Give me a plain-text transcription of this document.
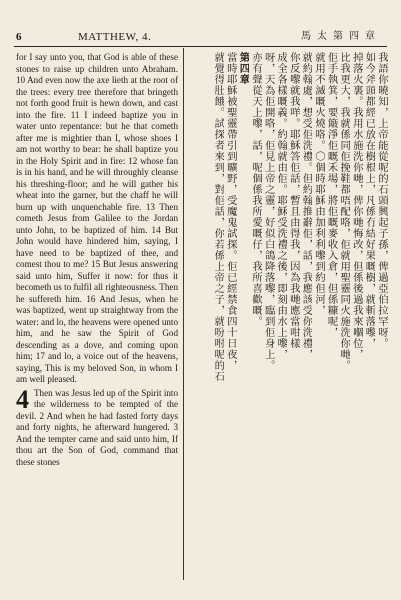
6	MATTHEW, 4.	馬太第四章

for I say unto you, that God is able of these stones to raise up children unto Abraham. 10 And even now the axe lieth at the root of the trees: every tree therefore that bringeth not forth good fruit is hewn down, and cast into the fire. 11 I indeed baptize you in water unto repentance: but he that cometh after me is mightier than I, whose shoes I am not worthy to bear: he shall baptize you in the Holy Spirit and in fire: 12 whose fan is in his hand, and he will throughly cleanse his threshing-floor; and he will gather his wheat into the garner, but the chaff he will burn up with unquenchable fire. 13 Then cometh Jesus from Galilee to the Jordan unto John, to be baptized of him. 14 But John would have hindered him, saying, I have need to be baptized of thee, and comest thou to me? 15 But Jesus answering said unto him, Suffer it now: for thus it becometh us to fulfil all righteousness. Then he suffereth him. 16 And Jesus, when he was baptized, went up straightway from the water: and lo, the heavens were opened unto him, and he saw the Spirit of God descending as a dove, and coming upon him; 17 and lo, a voice out of the heavens, saying, This is my beloved Son, in whom I am well pleased.

4 Then was Jesus led up of the Spirit into the wilderness to be tempted of the devil. 2 And when he had fasted forty days and forty nights, he afterward hungered. 3 And the tempter came and said unto him, If thou art the Son of God, command that these stones
我語你曉知，上帝能從呢的石頭興起子孫，俾過亞伯拉罕呀。
如今斧頭都經已放在樹根上，凡係冇結好果嘅樹，就斬落嚟，
掉落火裏。我用水施洗你哋，俾你哋悔改，但係後過我來嗰位，
比我更大，我就係同佢挽鞋都唔配咯，佢就用聖靈同火施洗你哋。
佢手執箕，要簸淨佢嘅禾場，將佢嘅麥收入倉，但係糠呢，
就用不滅嘅火燒咯。〇個時耶穌由加利利嚟到約但河，
就約翰處，想受佢洗禮。但約翰推辭佢，話，我應該受你洗禮，
你反嚟就我咩。耶穌答佢話，暫且由得我，因為我哋應當咁樣
成全各樣嘅義。約翰就由佢。耶穌受洗禮之後，即刻由水上嚟，
呀，天為佢開咯，佢見上帝之靈，好似白鴿降落嚟，臨到佢身上。
亦有聲從天上嚟，話，呢個係我所愛嘅仔，我所喜歡嘅。
第四章
當時耶穌被聖靈帶引到曠野，受魔鬼試探。佢已經禁食四十日夜，
就覺得肚餓。試探者來到，對佢話，你若係上帝之子，就吩咐呢的石
